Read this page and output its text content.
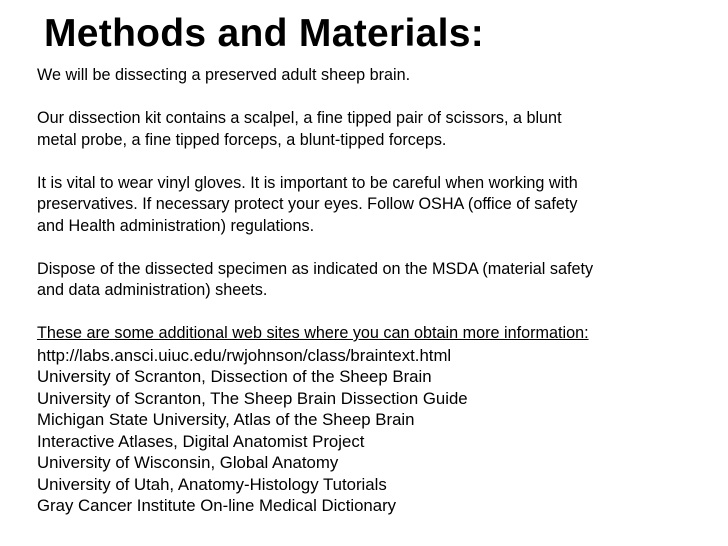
Methods and Materials:
We will be dissecting a preserved adult sheep brain.
Our dissection kit contains a scalpel, a fine tipped pair of scissors, a blunt
metal probe, a fine tipped forceps, a blunt-tipped forceps.
It is vital to wear vinyl gloves. It is important to be careful when working with
preservatives. If necessary protect your eyes. Follow OSHA (office of safety
and Health administration) regulations.
Dispose of the dissected specimen as indicated on the MSDA (material safety
and data administration) sheets.
These are some additional web sites where you can obtain more information:
http://labs.ansci.uiuc.edu/rwjohnson/class/braintext.html
University of Scranton, Dissection of the Sheep Brain
University of Scranton, The Sheep Brain Dissection Guide
Michigan State University, Atlas of the Sheep Brain
Interactive Atlases, Digital Anatomist Project
University of Wisconsin, Global Anatomy
University of Utah, Anatomy-Histology Tutorials
Gray Cancer Institute On-line Medical Dictionary
